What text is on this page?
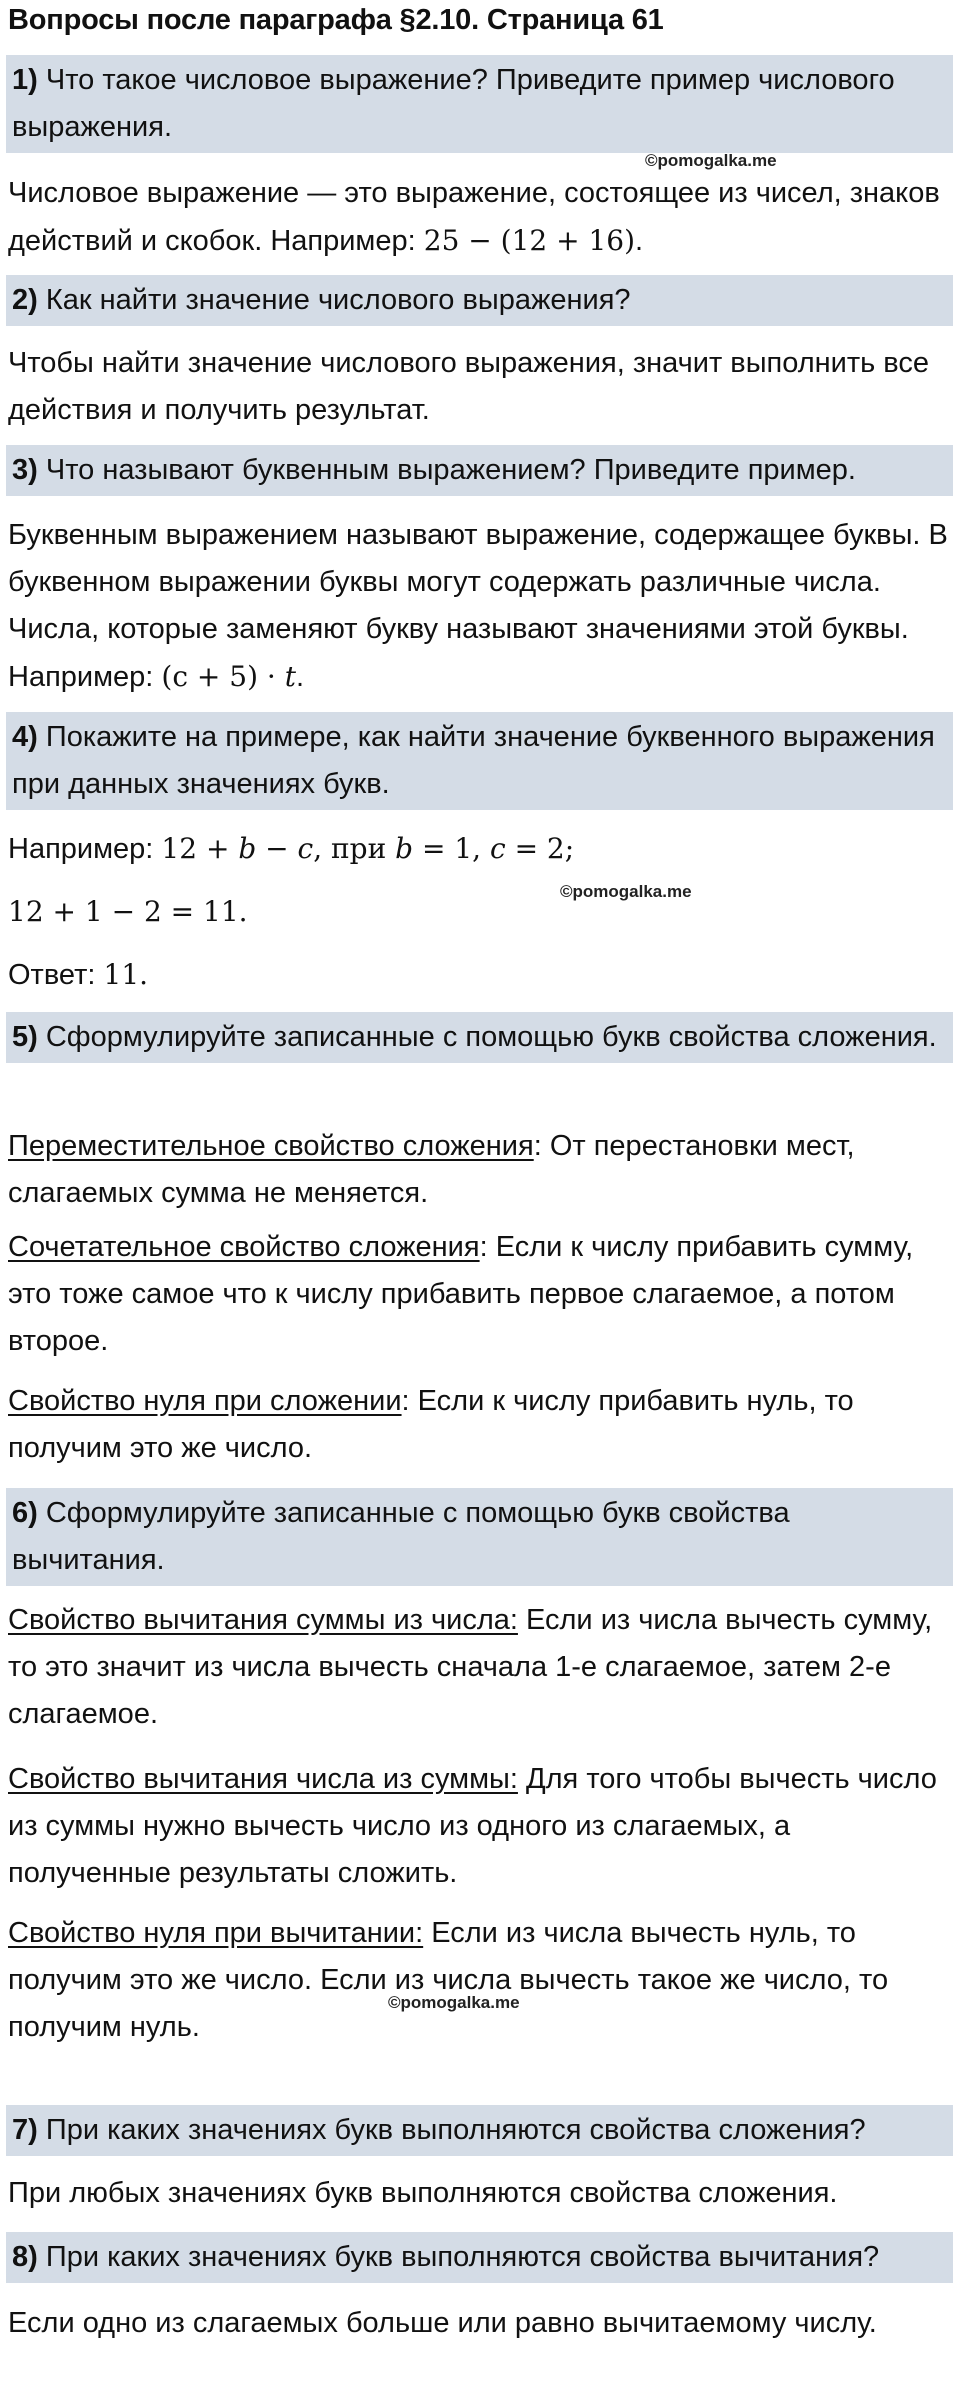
Вопросы после параграфа §2.10. Страница 61
1) Что такое числовое выражение? Приведите пример числового выражения.
©pomogalka.me
Числовое выражение — это выражение, состоящее из чисел, знаков действий и скобок. Например: 25 − (12 + 16).
2) Как найти значение числового выражения?
Чтобы найти значение числового выражения, значит выполнить все действия и получить результат.
3) Что называют буквенным выражением? Приведите пример.
Буквенным выражением называют выражение, содержащее буквы. В буквенном выражении буквы могут содержать различные числа. Числа, которые заменяют букву называют значениями этой буквы. Например: (c + 5) · t.
4) Покажите на примере, как найти значение буквенного выражения при данных значениях букв.
Например: 12 + b − c, при b = 1, c = 2;
©pomogalka.me
12 + 1 − 2 = 11.
Ответ: 11.
5) Сформулируйте записанные с помощью букв свойства сложения.
Переместительное свойство сложения: От перестановки мест, слагаемых сумма не меняется.
Сочетательное свойство сложения: Если к числу прибавить сумму, это тоже самое что к числу прибавить первое слагаемое, а потом второе.
Свойство нуля при сложении: Если к числу прибавить нуль, то получим это же число.
6) Сформулируйте записанные с помощью букв свойства вычитания.
Свойство вычитания суммы из числа: Если из числа вычесть сумму, то это значит из числа вычесть сначала 1-е слагаемое, затем 2-е слагаемое.
Свойство вычитания числа из суммы: Для того чтобы вычесть число из суммы нужно вычесть число из одного из слагаемых, а полученные результаты сложить.
Свойство нуля при вычитании: Если из числа вычесть нуль, то получим это же число. Если из числа вычесть такое же число, то получим нуль.
©pomogalka.me
7) При каких значениях букв выполняются свойства сложения?
При любых значениях букв выполняются свойства сложения.
8) При каких значениях букв выполняются свойства вычитания?
Если одно из слагаемых больше или равно вычитаемому числу.
